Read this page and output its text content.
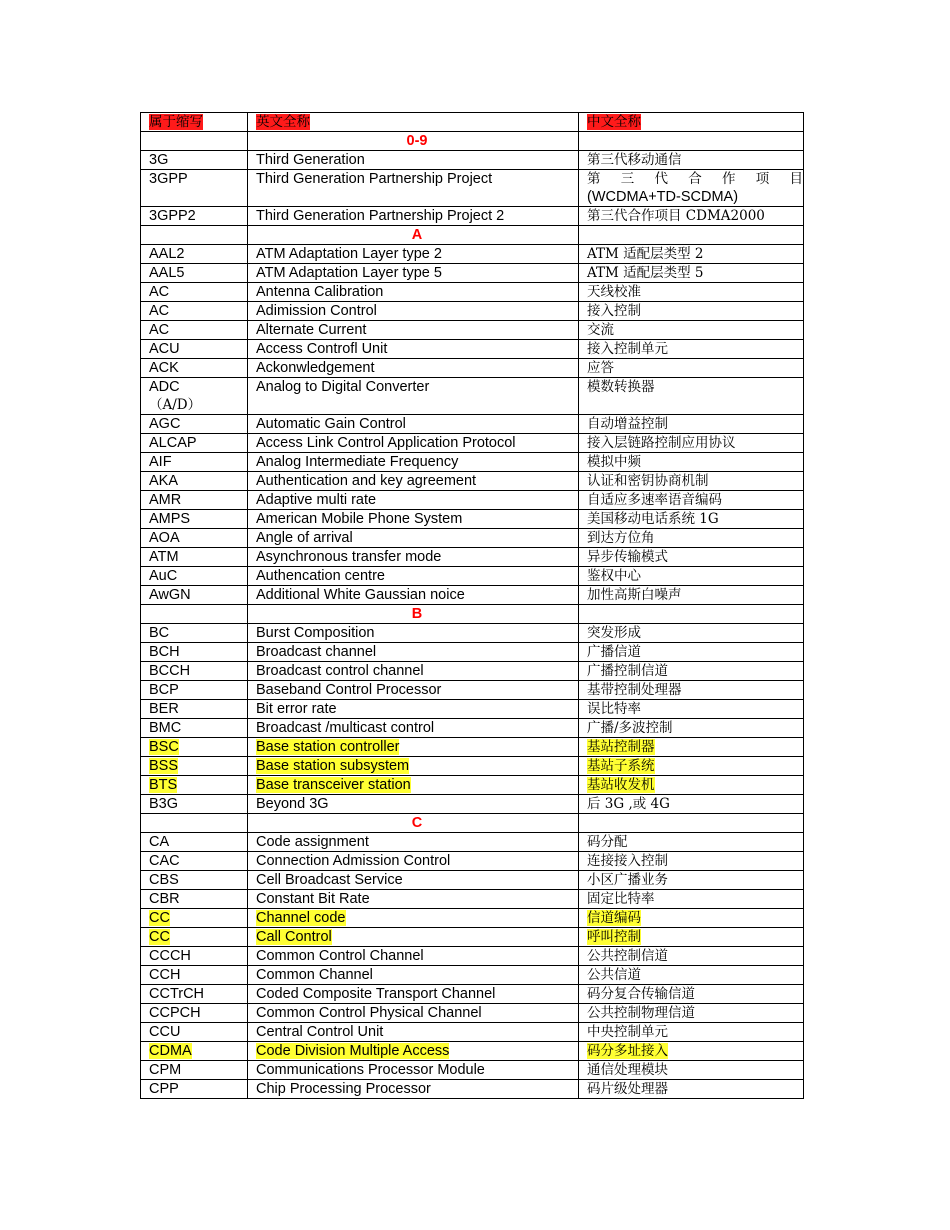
属于缩写	英文全称	中文全称
	0-9	
3G	Third Generation	第三代移动通信
3GPP	Third Generation Partnership Project	第三代合作项目
(WCDMA+TD-SCDMA)
3GPP2	Third Generation Partnership Project 2	第三代合作项目 CDMA2000
	A	
AAL2	ATM Adaptation Layer type 2	ATM 适配层类型 2
AAL5	ATM Adaptation Layer type 5	ATM 适配层类型 5
AC	Antenna Calibration	天线校准
AC	Adimission Control	接入控制
AC	Alternate Current	交流
ACU	Access Controfl Unit	接入控制单元
ACK	Ackonwledgement	应答
ADC
（A/D）	Analog to Digital Converter	模数转换器
AGC	Automatic Gain Control	自动增益控制
ALCAP	Access Link Control Application Protocol	接入层链路控制应用协议
AIF	Analog Intermediate Frequency	模拟中频
AKA	Authentication and key agreement	认证和密钥协商机制
AMR	Adaptive multi rate	自适应多速率语音编码
AMPS	American Mobile Phone System	美国移动电话系统 1G
AOA	Angle of arrival	到达方位角
ATM	Asynchronous transfer mode	异步传输模式
AuC	Authencation centre	鉴权中心
AwGN	Additional White Gaussian noice	加性高斯白噪声
	B	
BC	Burst Composition	突发形成
BCH	Broadcast channel	广播信道
BCCH	Broadcast control channel	广播控制信道
BCP	Baseband Control Processor	基带控制处理器
BER	Bit error rate	误比特率
BMC	Broadcast /multicast control	广播/多波控制
BSC	Base station controller	基站控制器
BSS	Base station subsystem	基站子系统
BTS	Base transceiver station	基站收发机
B3G	Beyond 3G	后 3G ,或 4G
	C	
CA	Code assignment	码分配
CAC	Connection Admission Control	连接接入控制
CBS	Cell Broadcast Service	小区广播业务
CBR	Constant Bit Rate	固定比特率
CC	Channel code	信道编码
CC	Call Control	呼叫控制
CCCH	Common Control Channel	公共控制信道
CCH	Common Channel	公共信道
CCTrCH	Coded Composite Transport Channel	码分复合传输信道
CCPCH	Common Control Physical Channel	公共控制物理信道
CCU	Central Control Unit	中央控制单元
CDMA	Code Division Multiple Access	码分多址接入
CPM	Communications Processor Module	通信处理模块
CPP	Chip Processing Processor	码片级处理器
